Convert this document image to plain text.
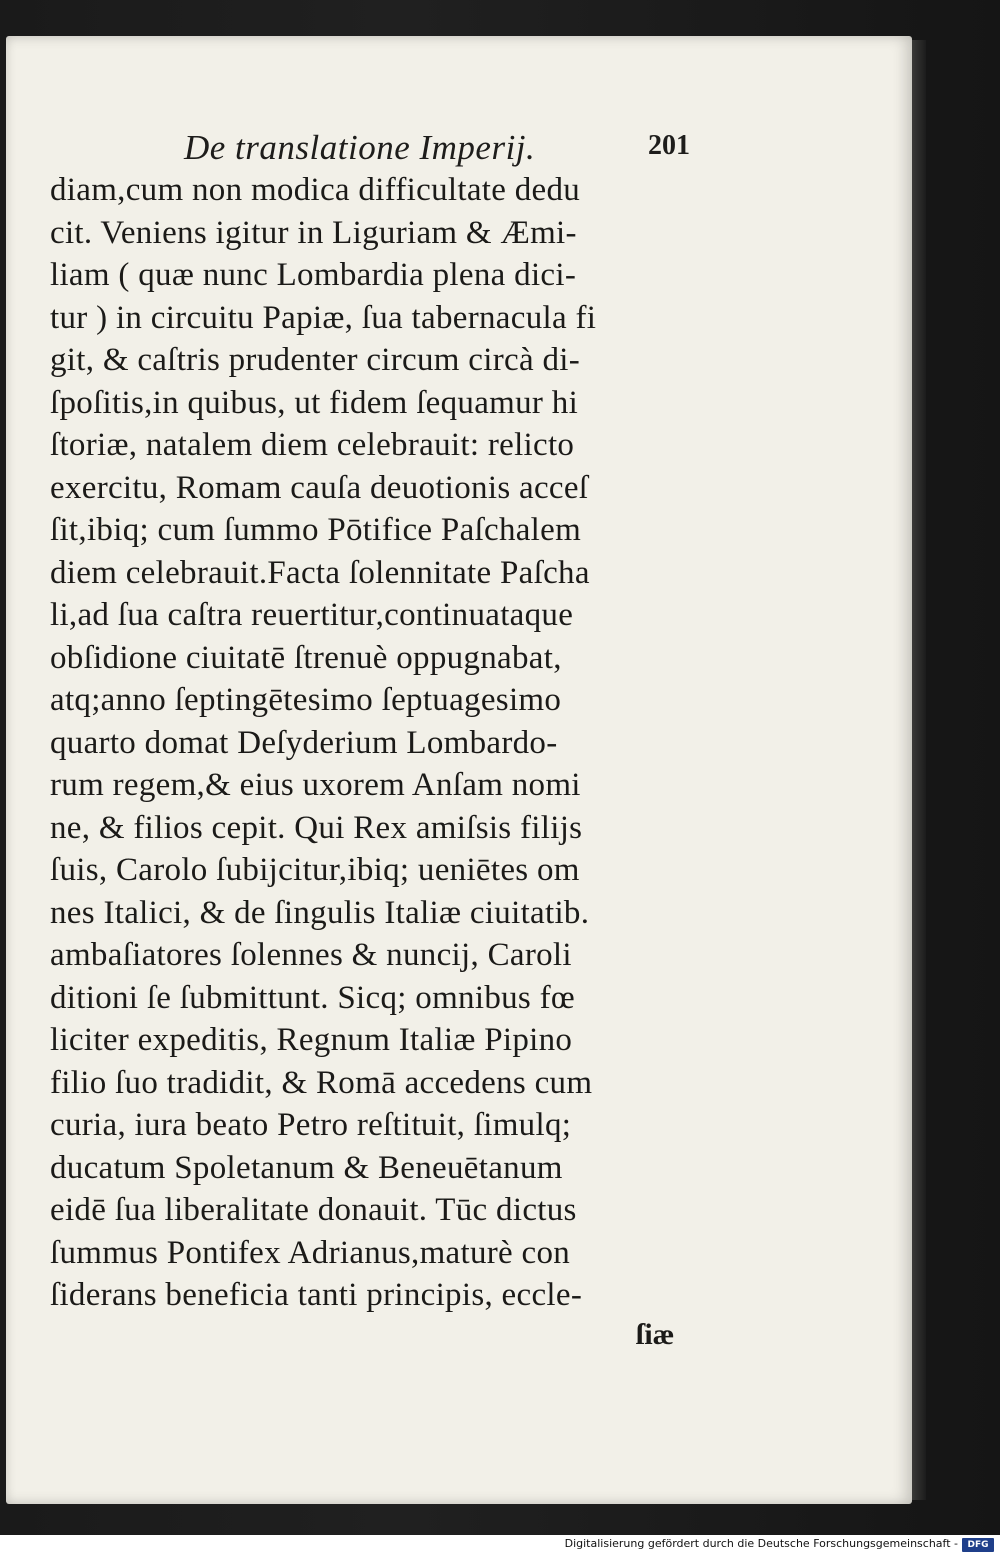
De translatione Imperij.	201
diam,cum non modica difficultate dedu
cit. Veniens igitur in Liguriam & Æmi-
liam ( quæ nunc Lombardia plena dici-
tur ) in circuitu Papiæ, ſua tabernacula fi
git, & caſtris prudenter circum circà di-
ſpoſitis,in quibus, ut fidem ſequamur hi
ſtoriæ, natalem diem celebrauit: relicto
exercitu, Romam cauſa deuotionis acceſ
ſit,ibiq; cum ſummo Pōtifice Paſchalem
diem celebrauit.Facta ſolennitate Paſcha
li,ad ſua caſtra reuertitur,continuataque
obſidione ciuitatē ſtrenuè oppugnabat,
atq;anno ſeptingētesimo ſeptuagesimo
quarto domat Deſyderium Lombardo-
rum regem,& eius uxorem Anſam nomi
ne, & filios cepit. Qui Rex amiſsis filijs
ſuis, Carolo ſubijcitur,ibiq; ueniētes om
nes Italici, & de ſingulis Italiæ ciuitatib.
ambaſiatores ſolennes & nuncij, Caroli
ditioni ſe ſubmittunt. Sicq; omnibus fœ
liciter expeditis, Regnum Italiæ Pipino
filio ſuo tradidit, & Romā accedens cum
curia, iura beato Petro reſtituit, ſimulq;
ducatum Spoletanum & Beneuētanum
eidē ſua liberalitate donauit. Tūc dictus
ſummus Pontifex Adrianus,maturè con
ſiderans beneficia tanti principis, eccle-
ſiæ
Digitalisierung gefördert durch die Deutsche Forschungsgemeinschaft -	DFG
